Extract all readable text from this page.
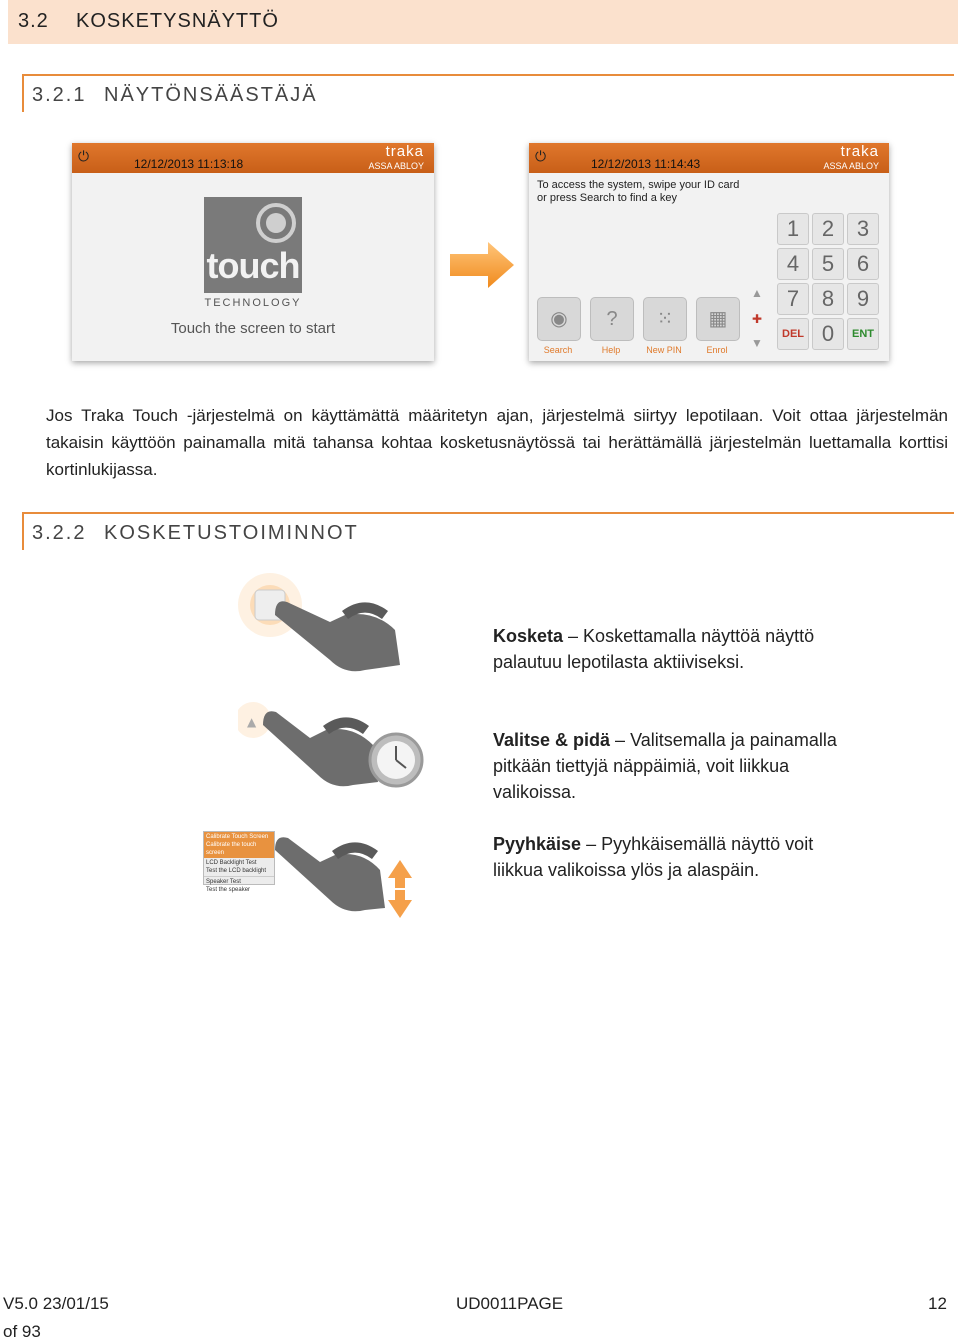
3.2 KOSKETYSNÄYTTÖ
3.2.1 NÄYTÖNSÄÄSTÄJÄ
⏻	12/12/2013 11:13:18
traka
ASSA ABLOY
touch
TECHNOLOGY
Touch the screen to start
⏻	12/12/2013 11:14:43
traka
ASSA ABLOY
To access the system, swipe your ID card
or press Search to find a key
1	2	3
4	5	6
7	8	9
DEL 0	ENT
▲
✚
▼
◉
Search
?
Help
⁙
New PIN
▦
Enrol
Jos Traka Touch -järjestelmä on käyttämättä määritetyn ajan, järjestelmä siirtyy lepotilaan. Voit ottaa järjestelmän takaisin käyttöön painamalla mitä tahansa kohtaa kosketusnäytössä tai herättämällä järjestelmän luettamalla korttisi kortinlukijassa.
3.2.2 KOSKETUSTOIMINNOT
▲
Calibrate Touch Screen
Calibrate the touch screen
LCD Backlight Test
Test the LCD backlight
Speaker Test
Test the speaker
Kosketa – Koskettamalla näyttöä näyttö
palautuu lepotilasta aktiiviseksi.
Valitse & pidä – Valitsemalla ja painamalla
pitkään tiettyjä näppäimiä, voit liikkua
valikoissa.
Pyyhkäise – Pyyhkäisemällä näyttö voit
liikkua valikoissa ylös ja alaspäin.
V5.0 23/01/15	UD0011PAGE	12
of 93
